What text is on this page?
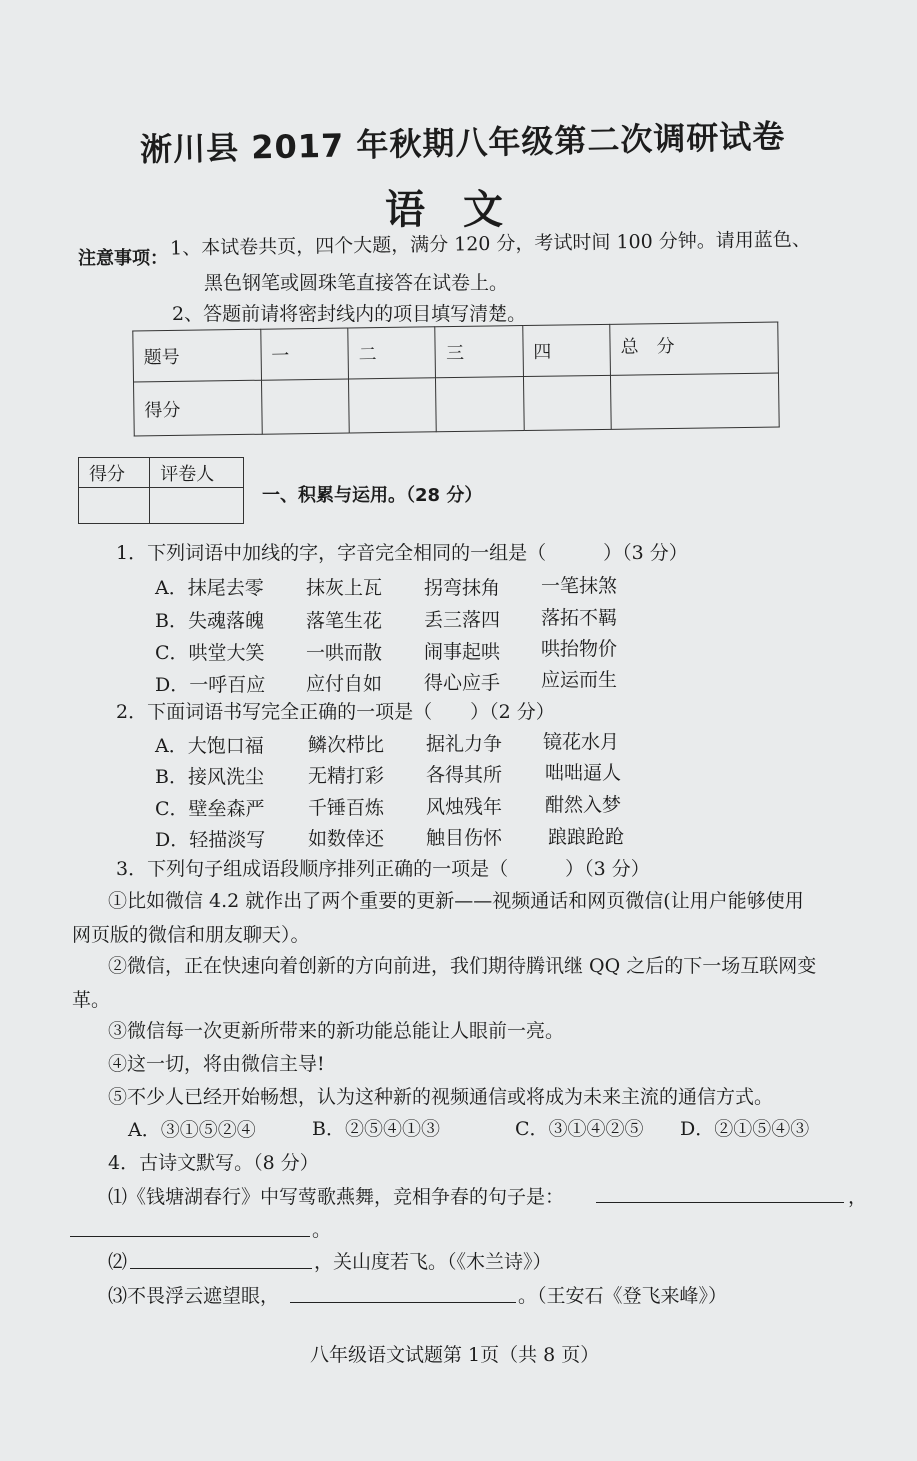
淅川县 2017 年秋期八年级第二次调研试卷
语文
注意事项： 1、本试卷共页，四个大题，满分 120 分，考试时间 100 分钟。请用蓝色、
黑色钢笔或圆珠笔直接答在试卷上。
2、答题前请将密封线内的项目填写清楚。
题号	一	二	三	四	总　分
得分					
得分	评卷人

一、积累与运用。（28 分）
1．下列词语中加线的字，字音完全相同的一组是（　　　）（3 分）
A．抹尾去零 抹灰上瓦 拐弯抹角 一笔抹煞
B．失魂落魄 落笔生花 丢三落四 落拓不羁
C．哄堂大笑 一哄而散 闹事起哄 哄抬物价
D．一呼百应 应付自如 得心应手 应运而生
2．下面词语书写完全正确的一项是（　　）（2 分）
A．大饱口福 鳞次栉比 据礼力争 镜花水月
B．接风洗尘 无精打彩 各得其所 咄咄逼人
C．壁垒森严 千锤百炼 风烛残年 酣然入梦
D．轻描淡写 如数倖还 触目伤怀 踉踉跄跄
3．下列句子组成语段顺序排列正确的一项是（　　　）（3 分）
①比如微信 4.2 就作出了两个重要的更新——视频通话和网页微信(让用户能够使用
网页版的微信和朋友聊天）。
②微信，正在快速向着创新的方向前进，我们期待腾讯继 QQ 之后的下一场互联网变
革。
③微信每一次更新所带来的新功能总能让人眼前一亮。
④这一切，将由微信主导!
⑤不少人已经开始畅想，认为这种新的视频通信或将成为未来主流的通信方式。
A．③①⑤②④	B．②⑤④①③	C．③①④②⑤ D．②①⑤④③
4．古诗文默写。（8 分）
⑴《钱塘湖春行》中写莺歌燕舞，竞相争春的句子是：	，
。
⑵	，关山度若飞。（《木兰诗》）
⑶不畏浮云遮望眼，	。（王安石《登飞来峰》）
八年级语文试题第 1页（共 8 页）
